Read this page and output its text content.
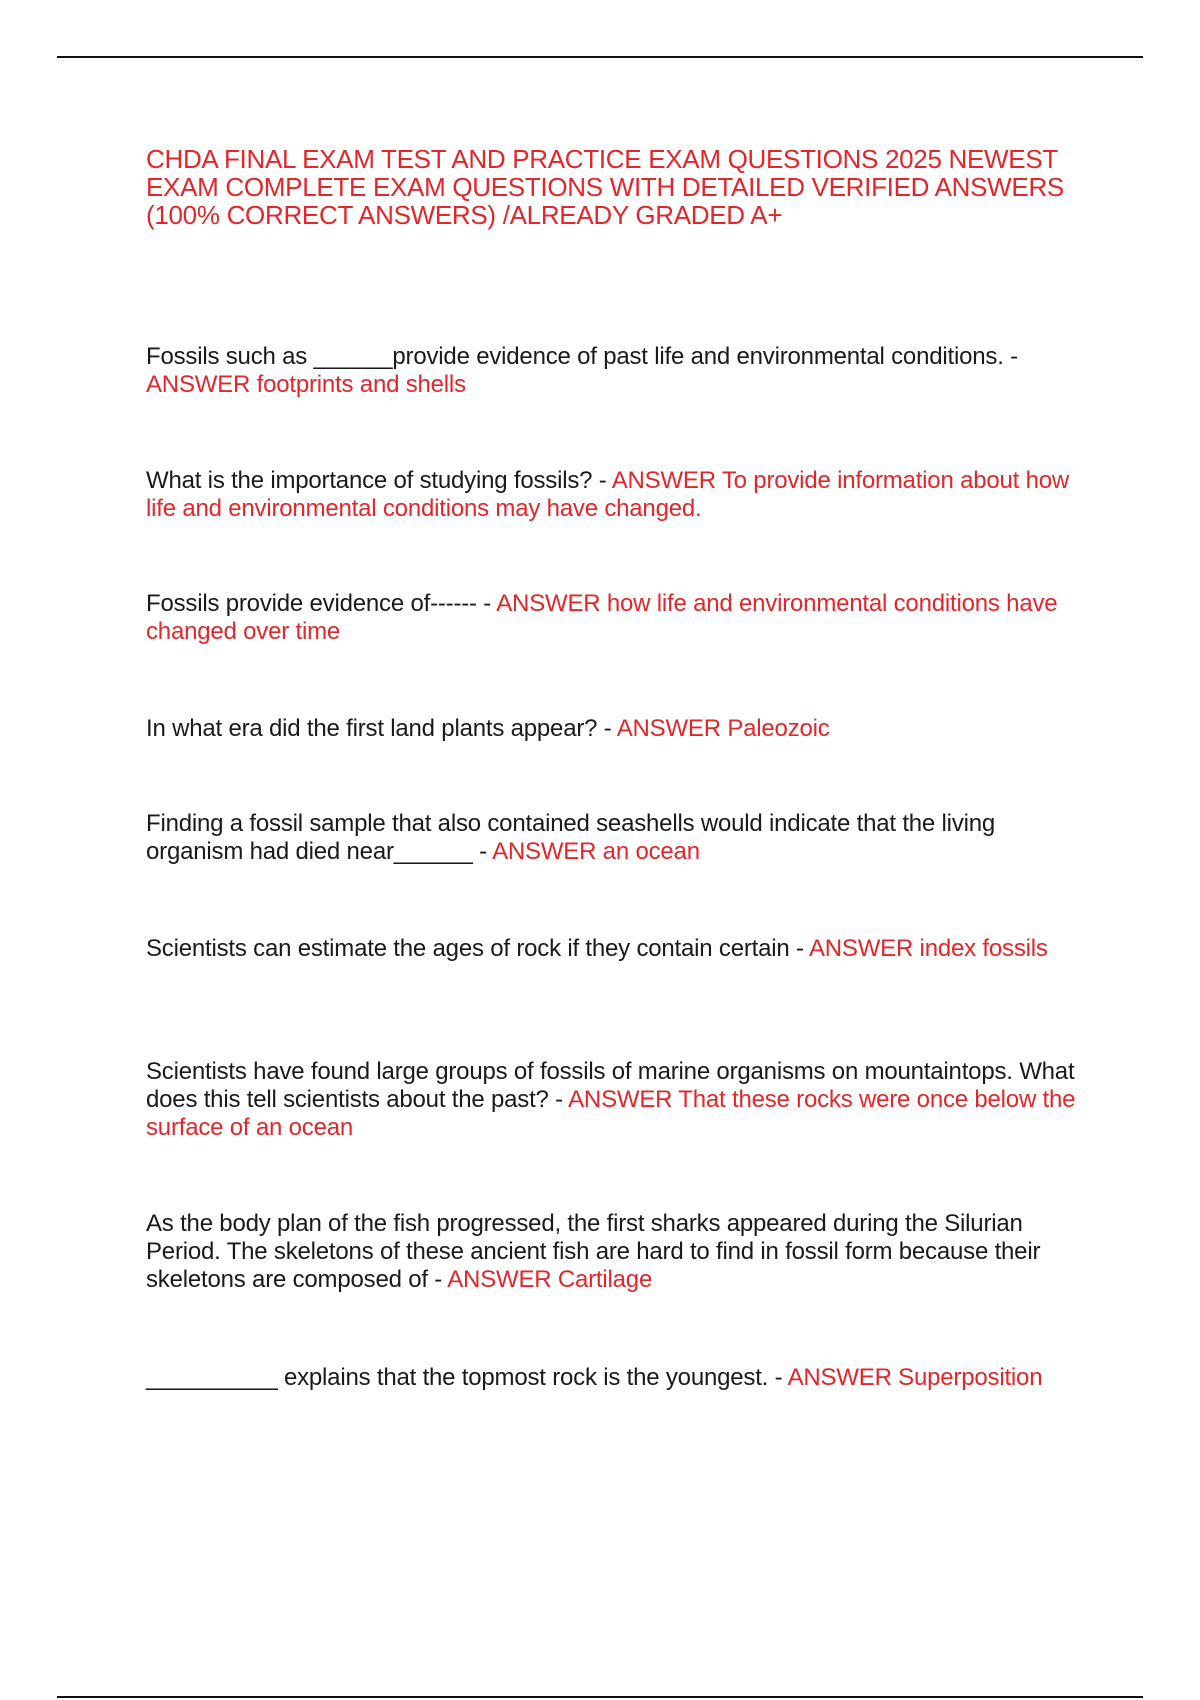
CHDA FINAL EXAM TEST AND PRACTICE EXAM QUESTIONS 2025 NEWEST EXAM COMPLETE EXAM QUESTIONS WITH DETAILED VERIFIED ANSWERS (100% CORRECT ANSWERS) /ALREADY GRADED A+
Fossils such as ______provide evidence of past life and environmental conditions. - ANSWER footprints and shells
What is the importance of studying fossils? - ANSWER To provide information about how life and environmental conditions may have changed.
Fossils provide evidence of------ - ANSWER how life and environmental conditions have changed over time
In what era did the first land plants appear? - ANSWER Paleozoic
Finding a fossil sample that also contained seashells would indicate that the living organism had died near______ - ANSWER an ocean
Scientists can estimate the ages of rock if they contain certain - ANSWER index fossils
Scientists have found large groups of fossils of marine organisms on mountaintops. What does this tell scientists about the past? - ANSWER That these rocks were once below the surface of an ocean
As the body plan of the fish progressed, the first sharks appeared during the Silurian Period. The skeletons of these ancient fish are hard to find in fossil form because their skeletons are composed of - ANSWER Cartilage
__________ explains that the topmost rock is the youngest. - ANSWER Superposition
